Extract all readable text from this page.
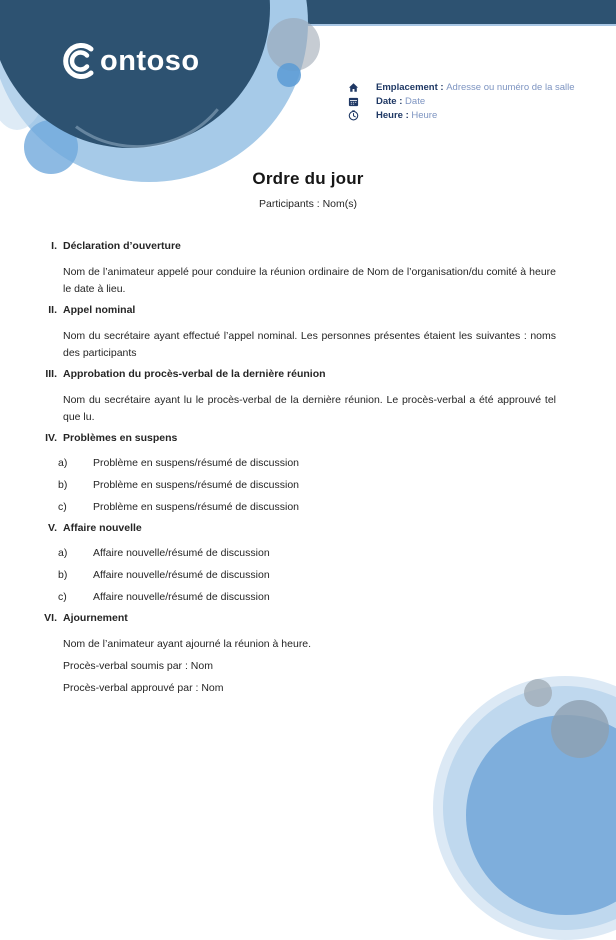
ontoso
Emplacement : Adresse ou numéro de la salle
Date : Date
Heure : Heure
Ordre du jour
Participants : Nom(s)
I. Déclaration d’ouverture
Nom de l’animateur appelé pour conduire la réunion ordinaire de Nom de l’organisation/du comité à heure le date à lieu.
II. Appel nominal
Nom du secrétaire ayant effectué l’appel nominal. Les personnes présentes étaient les suivantes : noms des participants
III. Approbation du procès-verbal de la dernière réunion
Nom du secrétaire ayant lu le procès-verbal de la dernière réunion. Le procès-verbal a été approuvé tel que lu.
IV. Problèmes en suspens
a)	Problème en suspens/résumé de discussion
b)	Problème en suspens/résumé de discussion
c)	Problème en suspens/résumé de discussion
V. Affaire nouvelle
a)	Affaire nouvelle/résumé de discussion
b)	Affaire nouvelle/résumé de discussion
c)	Affaire nouvelle/résumé de discussion
VI. Ajournement
Nom de l’animateur ayant ajourné la réunion à heure.
Procès-verbal soumis par : Nom
Procès-verbal approuvé par : Nom
